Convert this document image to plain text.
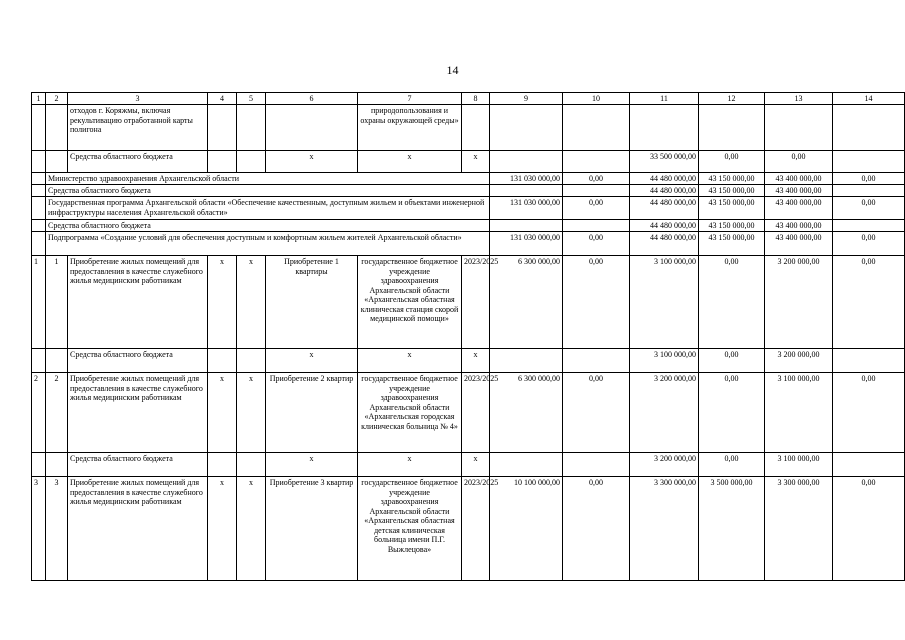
14
1	2	3	4	5	6	7	8	9	10	11	12	13	14
		отходов г. Коряжмы, включая рекультивацию отработанной карты полигона				природопользования и охраны окружающей среды»							
		Средства областного бюджета			х	х	х			33 500 000,00	0,00	0,00	
	Министерство здравоохранения Архангельской области							131 030 000,00	0,00	44 480 000,00	43 150 000,00	43 400 000,00	0,00
	Средства областного бюджета									44 480 000,00	43 150 000,00	43 400 000,00	
	Государственная программа Архангельской области «Обеспечение качественным, доступным жильем и объектами инженерной инфраструктуры населения Архангельской области»							131 030 000,00	0,00	44 480 000,00	43 150 000,00	43 400 000,00	0,00
	Средства областного бюджета									44 480 000,00	43 150 000,00	43 400 000,00	
	Подпрограмма «Создание условий для обеспечения доступным и комфортным жильем жителей Архангельской области»							131 030 000,00	0,00	44 480 000,00	43 150 000,00	43 400 000,00	0,00
1	1	Приобретение жилых помещений для предоставления в качестве служебного жилья медицинским работникам	х	х	Приобретение 1 квартиры	государственное бюджетное учреждение здравоохранения Архангельской области «Архангельская областная клиническая станция скорой медицинской помощи»	2023/2025	6 300 000,00	0,00	3 100 000,00	0,00	3 200 000,00	0,00
		Средства областного бюджета			х	х	х			3 100 000,00	0,00	3 200 000,00	
2	2	Приобретение жилых помещений для предоставления в качестве служебного жилья медицинским работникам	х	х	Приобретение 2 квартир	государственное бюджетное учреждение здравоохранения Архангельской области «Архангельская городская клиническая больница № 4»	2023/2025	6 300 000,00	0,00	3 200 000,00	0,00	3 100 000,00	0,00
		Средства областного бюджета			х	х	х			3 200 000,00	0,00	3 100 000,00	
3	3	Приобретение жилых помещений для предоставления в качестве служебного жилья медицинским работникам	х	х	Приобретение 3 квартир	государственное бюджетное учреждение здравоохранения Архангельской области «Архангельская областная детская клиническая больница имени П.Г. Выжлецова»	2023/2025	10 100 000,00	0,00	3 300 000,00	3 500 000,00	3 300 000,00	0,00
